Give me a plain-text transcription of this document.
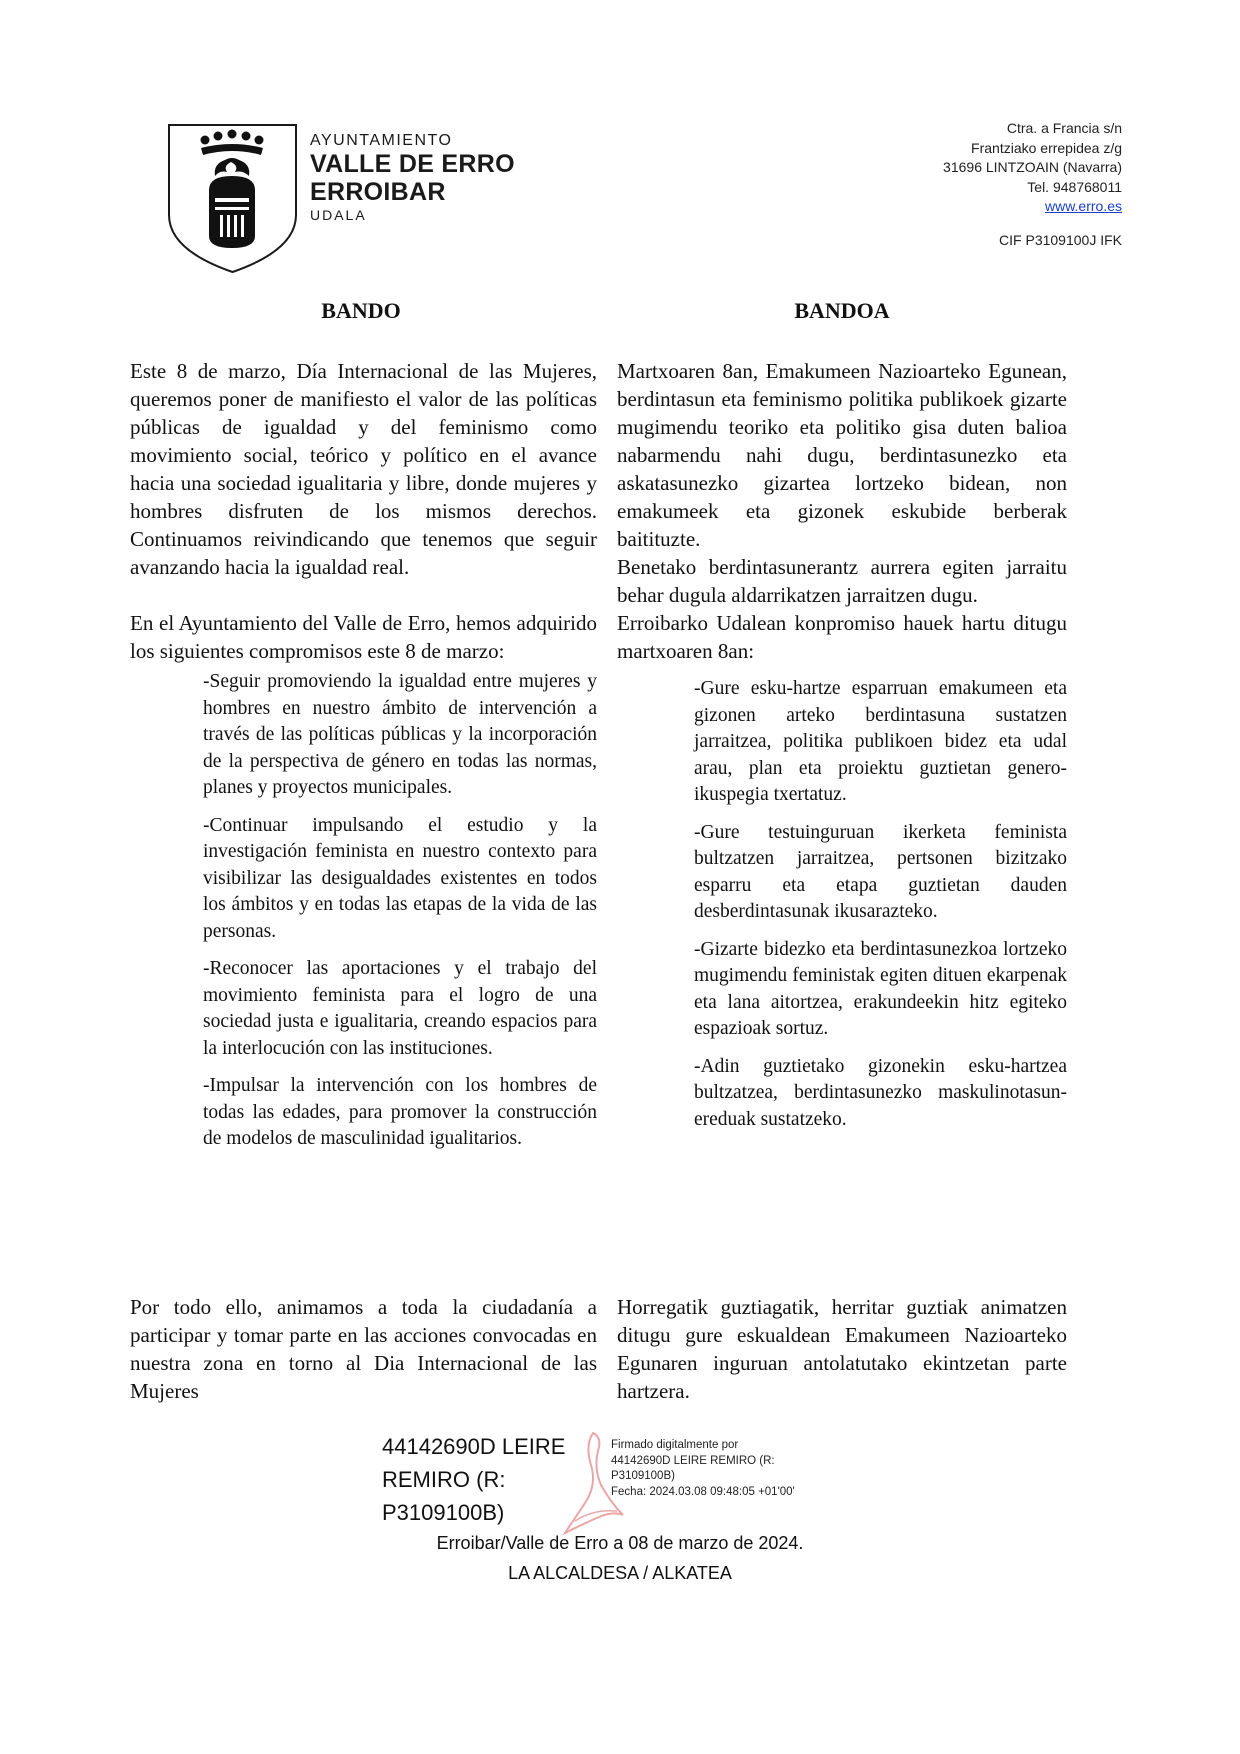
AYUNTAMIENTO
VALLE DE ERRO
ERROIBAR
UDALA
Ctra. a Francia s/n
Frantziako errepidea z/g
31696 LINTZOAIN (Navarra)
Tel. 948768011
www.erro.es
CIF P3109100J IFK
BANDO	BANDOA

Este 8 de marzo, Día Internacional de las Mujeres, queremos poner de manifiesto el valor de las políticas públicas de igualdad y del feminismo como movimiento social, teórico y político en el avance hacia una sociedad igualitaria y libre, donde mujeres y hombres disfruten de los mismos derechos. Continuamos reivindicando que tenemos que seguir avanzando hacia la igualdad real.

En el Ayuntamiento del Valle de Erro, hemos adquirido los siguientes compromisos este 8 de marzo:

-Seguir promoviendo la igualdad entre mujeres y hombres en nuestro ámbito de intervención a través de las políticas públicas y la incorporación de la perspectiva de género en todas las normas, planes y proyectos municipales.

-Continuar impulsando el estudio y la investigación feminista en nuestro contexto para visibilizar las desigualdades existentes en todos los ámbitos y en todas las etapas de la vida de las personas.

-Reconocer las aportaciones y el trabajo del movimiento feminista para el logro de una sociedad justa e igualitaria, creando espacios para la interlocución con las instituciones.

-Impulsar la intervención con los hombres de todas las edades, para promover la construcción de modelos de masculinidad igualitarios.

Martxoaren 8an, Emakumeen Nazioarteko Egunean, berdintasun eta feminismo politika publikoek gizarte mugimendu teoriko eta politiko gisa duten balioa nabarmendu nahi dugu, berdintasunezko eta askatasunezko gizartea lortzeko bidean, non emakumeek eta gizonek eskubide berberak baitituzte.

Benetako berdintasunerantz aurrera egiten jarraitu behar dugula aldarrikatzen jarraitzen dugu.

Erroibarko Udalean konpromiso hauek hartu ditugu martxoaren 8an:

-Gure esku-hartze esparruan emakumeen eta gizonen arteko berdintasuna sustatzen jarraitzea, politika publikoen bidez eta udal arau, plan eta proiektu guztietan genero-ikuspegia txertatuz.

-Gure testuinguruan ikerketa feminista bultzatzen jarraitzea, pertsonen bizitzako esparru eta etapa guztietan dauden desberdintasunak ikusarazteko.

-Gizarte bidezko eta berdintasunezkoa lortzeko mugimendu feministak egiten dituen ekarpenak eta lana aitortzea, erakundeekin hitz egiteko espazioak sortuz.

-Adin guztietako gizonekin esku-hartzea bultzatzea, berdintasunezko maskulinotasun-ereduak sustatzeko.

Por todo ello, animamos a toda la ciudadanía a participar y tomar parte en las acciones convocadas en nuestra zona en torno al Dia Internacional de las Mujeres

Horregatik guztiagatik, herritar guztiak animatzen ditugu gure eskualdean Emakumeen Nazioarteko Egunaren inguruan antolatutako ekintzetan parte hartzera.

44142690D LEIRE
REMIRO (R:
P3109100B)
Firmado digitalmente por
44142690D LEIRE REMIRO (R:
P3109100B)
Fecha: 2024.03.08 09:48:05 +01'00'
Erroibar/Valle de Erro a 08 de marzo de 2024.
LA ALCALDESA / ALKATEA
